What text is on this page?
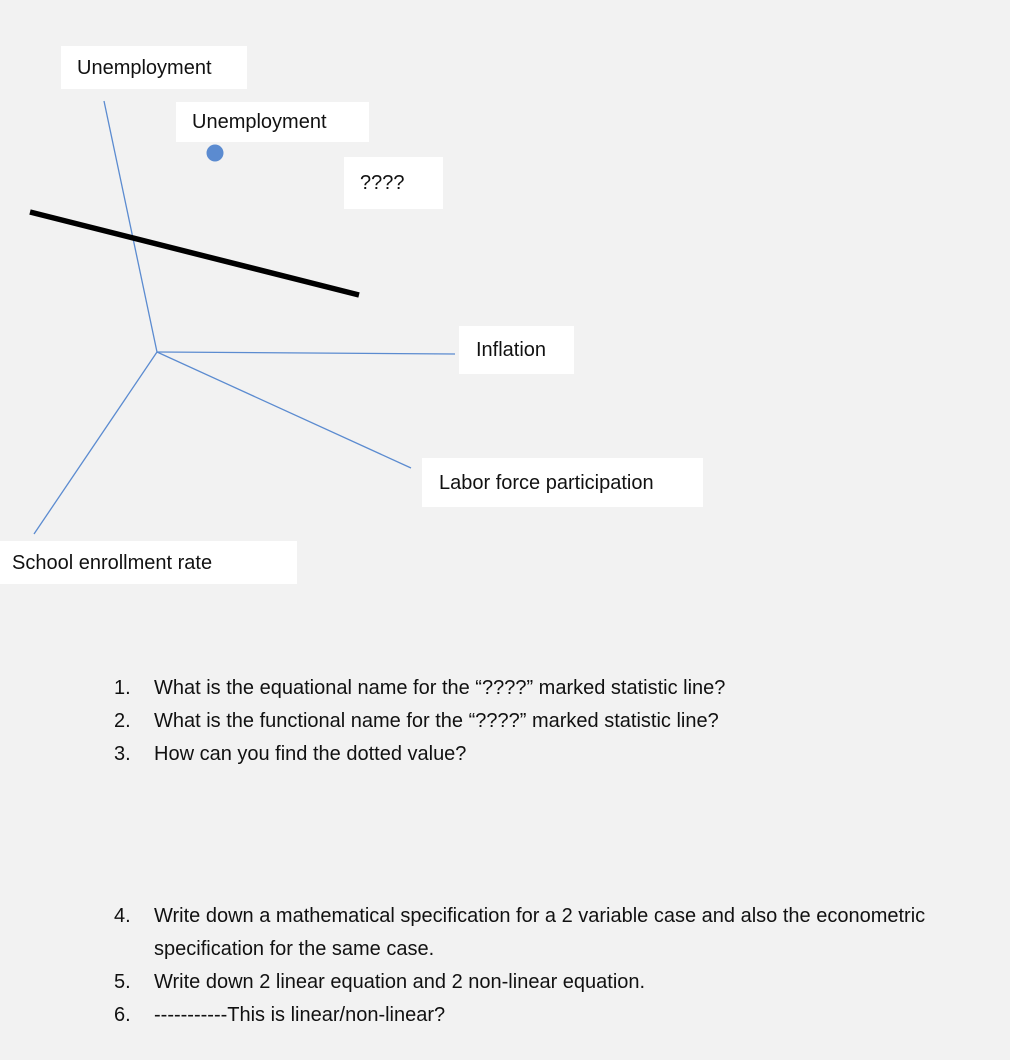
Unemployment
Unemployment
????
Inflation
Labor force participation
School enrollment rate
1.	What is the equational name for the “????” marked statistic line?
2.	What is the functional name for the “????” marked statistic line?
3.	How can you find the dotted value?
4.	Write down a mathematical specification for a 2 variable case and also the econometric specification for the same case.
5.	Write down 2 linear equation and 2 non-linear equation.
6.	-----------This is linear/non-linear?
